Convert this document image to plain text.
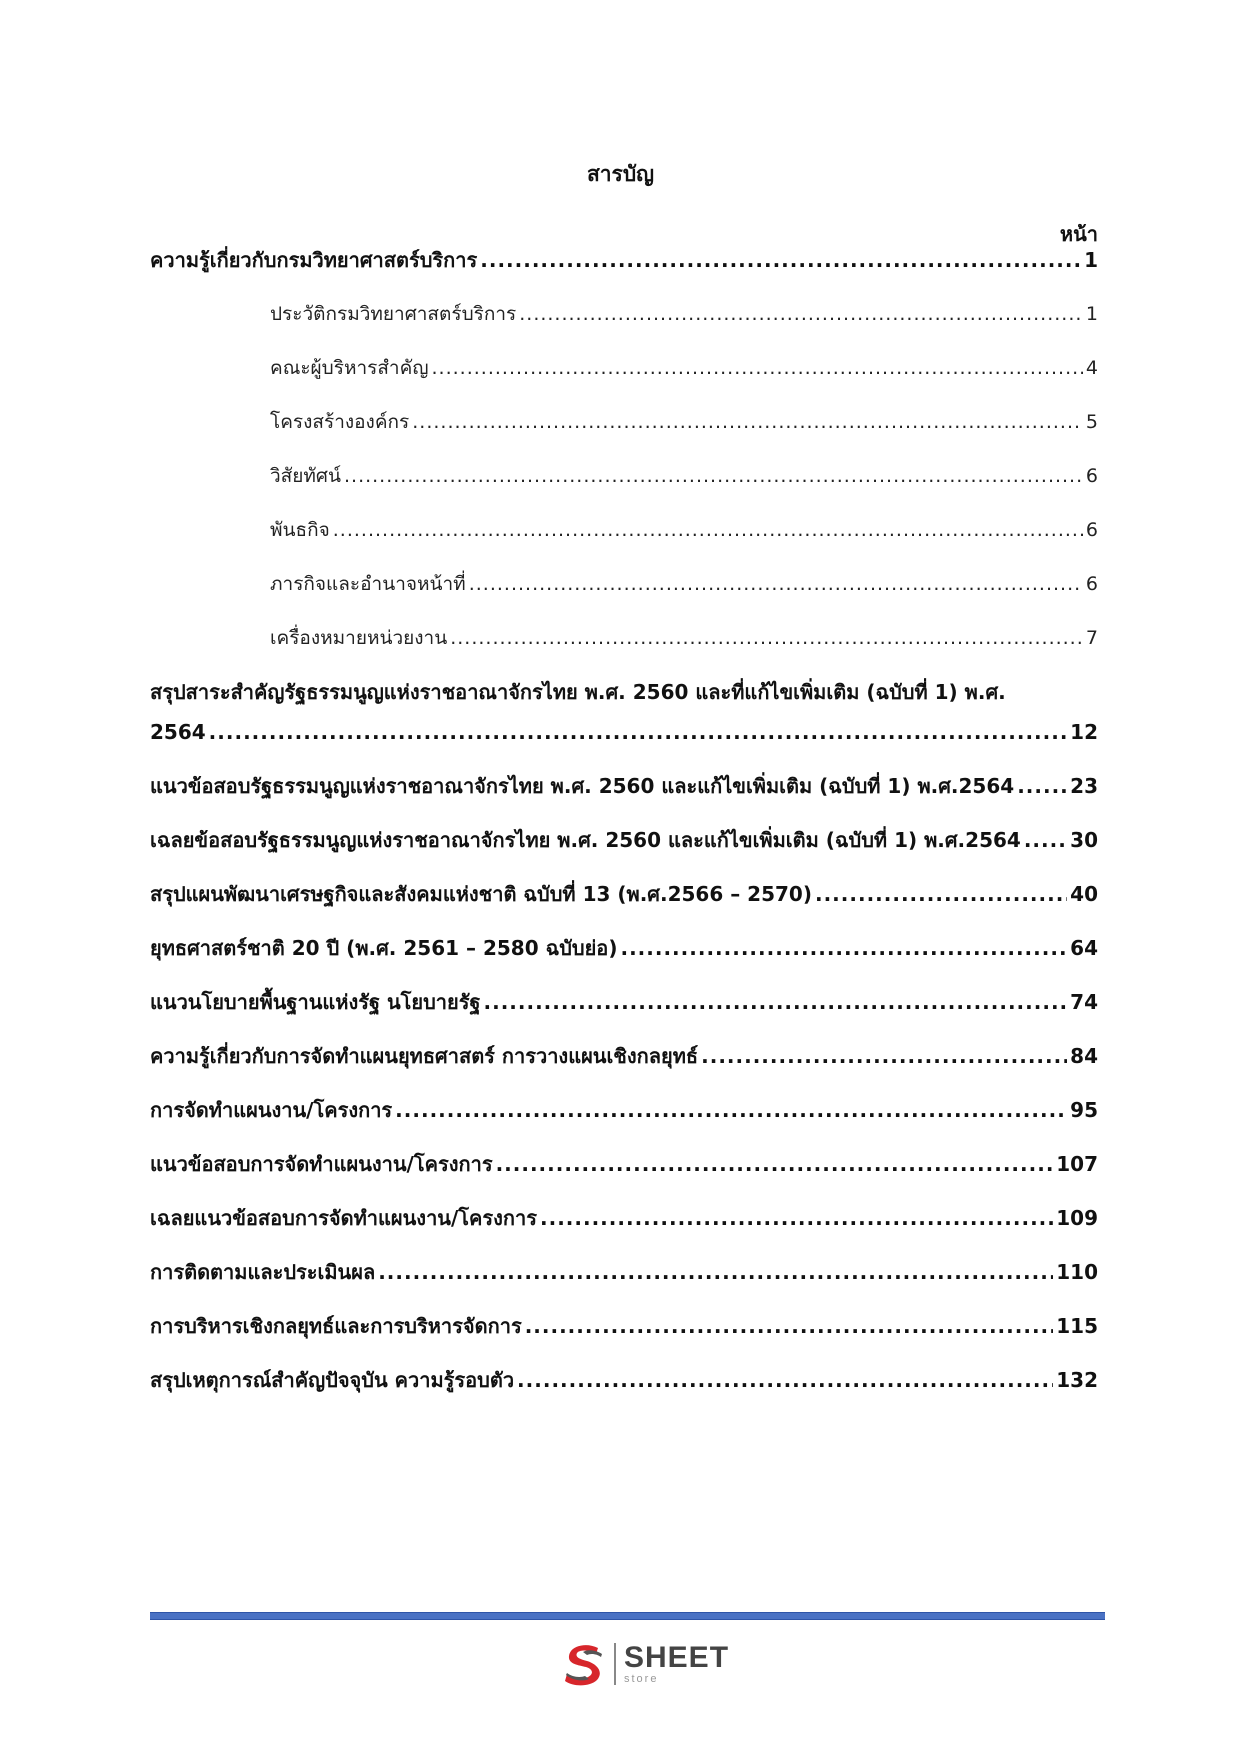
สารบัญ
หน้า
ความรู้เกี่ยวกับกรมวิทยาศาสตร์บริการ .....	1
ประวัติกรมวิทยาศาสตร์บริการ .....	1
คณะผู้บริหารสำคัญ .....	4
โครงสร้างองค์กร .....	5
วิสัยทัศน์ .....	6
พันธกิจ .....	6
ภารกิจและอำนาจหน้าที่ .....	6
เครื่องหมายหน่วยงาน .....	7
สรุปสาระสำคัญรัฐธรรมนูญแห่งราชอาณาจักรไทย พ.ศ. 2560 และที่แก้ไขเพิ่มเติม (ฉบับที่ 1) พ.ศ.
2564 .....	12
แนวข้อสอบรัฐธรรมนูญแห่งราชอาณาจักรไทย พ.ศ. 2560 และแก้ไขเพิ่มเติม (ฉบับที่ 1) พ.ศ.2564 .....	23
เฉลยข้อสอบรัฐธรรมนูญแห่งราชอาณาจักรไทย พ.ศ. 2560 และแก้ไขเพิ่มเติม (ฉบับที่ 1) พ.ศ.2564 ..... 30
สรุปแผนพัฒนาเศรษฐกิจและสังคมแห่งชาติ ฉบับที่ 13 (พ.ศ.2566 – 2570) .....	40
ยุทธศาสตร์ชาติ 20 ปี (พ.ศ. 2561 – 2580 ฉบับย่อ) .....	64
แนวนโยบายพื้นฐานแห่งรัฐ นโยบายรัฐ .....	74
ความรู้เกี่ยวกับการจัดทำแผนยุทธศาสตร์ การวางแผนเชิงกลยุทธ์ .....	84
การจัดทำแผนงาน/โครงการ .....	95
แนวข้อสอบการจัดทำแผนงาน/โครงการ .....	107
เฉลยแนวข้อสอบการจัดทำแผนงาน/โครงการ .....	109
การติดตามและประเมินผล .....	110
การบริหารเชิงกลยุทธ์และการบริหารจัดการ .....	115
สรุปเหตุการณ์สำคัญปัจจุบัน ความรู้รอบตัว .....	132
SHEET
store
